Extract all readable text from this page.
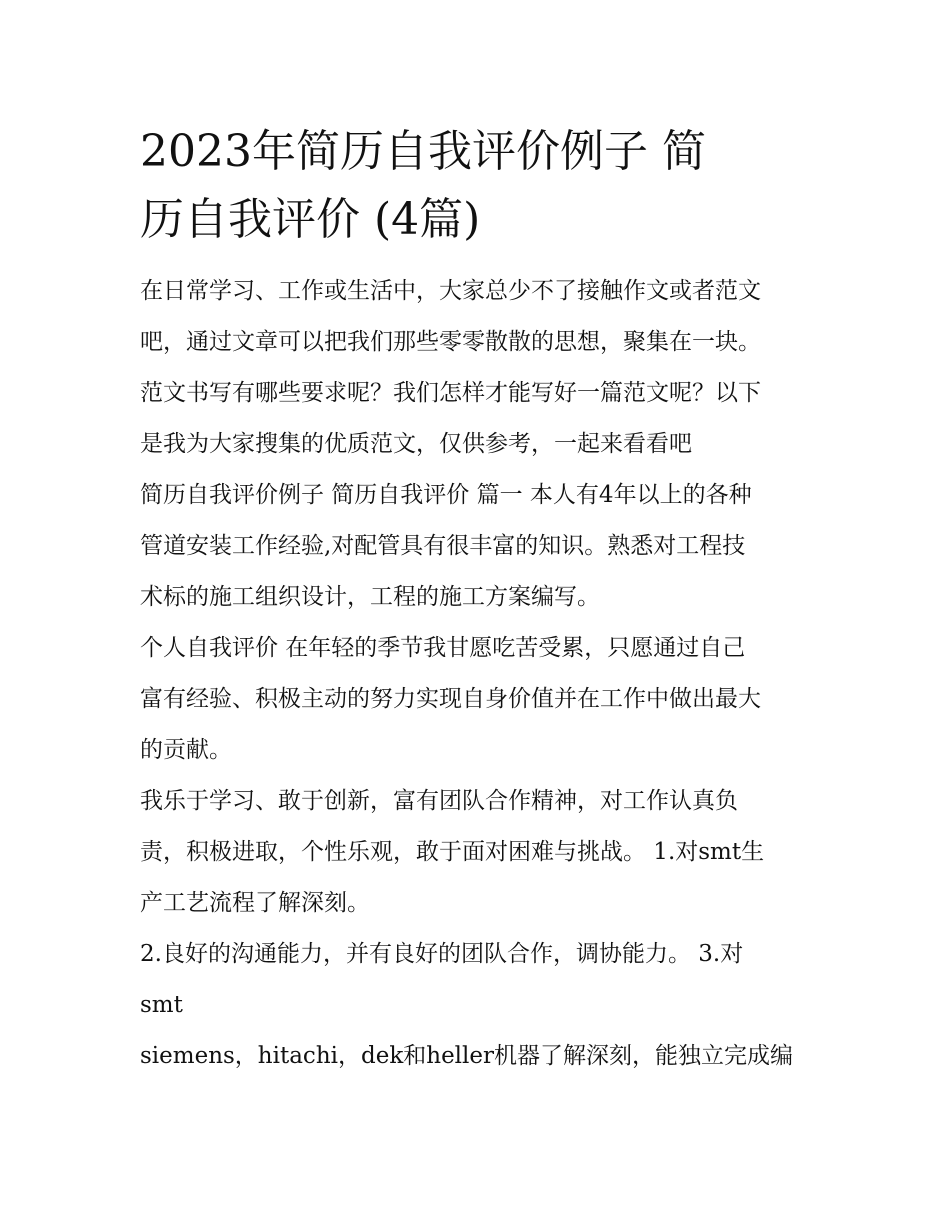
2023年简历自我评价例子 简
历自我评价 (4篇)

在日常学习、工作或生活中，大家总少不了接触作文或者范文
吧，通过文章可以把我们那些零零散散的思想，聚集在一块。
范文书写有哪些要求呢？我们怎样才能写好一篇范文呢？以下
是我为大家搜集的优质范文，仅供参考，一起来看看吧

简历自我评价例子 简历自我评价 篇一 本人有4年以上的各种
管道安装工作经验,对配管具有很丰富的知识。熟悉对工程技
术标的施工组织设计，工程的施工方案编写。

个人自我评价 在年轻的季节我甘愿吃苦受累，只愿通过自己
富有经验、积极主动的努力实现自身价值并在工作中做出最大
的贡献。

我乐于学习、敢于创新，富有团队合作精神，对工作认真负
责，积极进取，个性乐观，敢于面对困难与挑战。 1.对smt生
产工艺流程了解深刻。

2.良好的沟通能力，并有良好的团队合作，调协能力。 3.对
smt

siemens，hitachi，dek和heller机器了解深刻，能独立完成编
